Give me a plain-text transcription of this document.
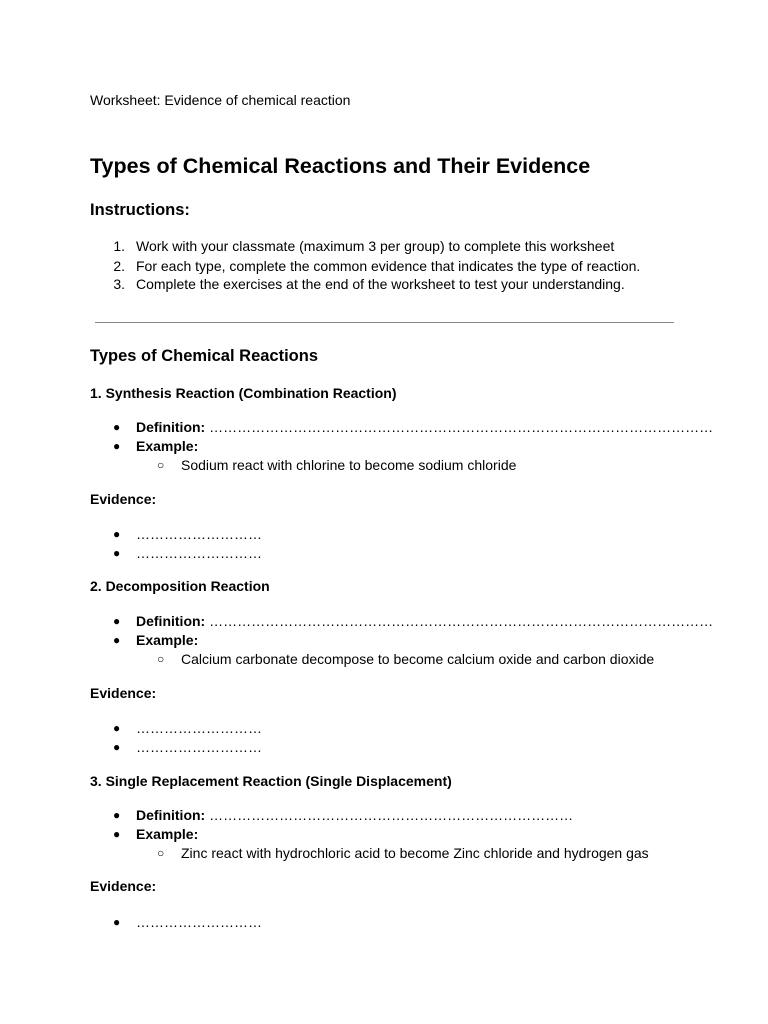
Worksheet: Evidence of chemical reaction
Types of Chemical Reactions and Their Evidence
Instructions:
1. Work with your classmate (maximum 3 per group) to complete this worksheet
2. For each type, complete the common evidence that indicates the type of reaction.
3. Complete the exercises at the end of the worksheet to test your understanding.
Types of Chemical Reactions
1. Synthesis Reaction (Combination Reaction)
● Definition: ………………………………………………………………………………………………
● Example:
○ Sodium react with chlorine to become sodium chloride
Evidence:
● ………………………
● ………………………
2. Decomposition Reaction
● Definition: ………………………………………………………………………………………………
● Example:
○ Calcium carbonate decompose to become calcium oxide and carbon dioxide
Evidence:
● ………………………
● ………………………
3. Single Replacement Reaction (Single Displacement)
● Definition: ……………………………………………………………………
● Example:
○ Zinc react with hydrochloric acid to become Zinc chloride and hydrogen gas
Evidence:
● ………………………
